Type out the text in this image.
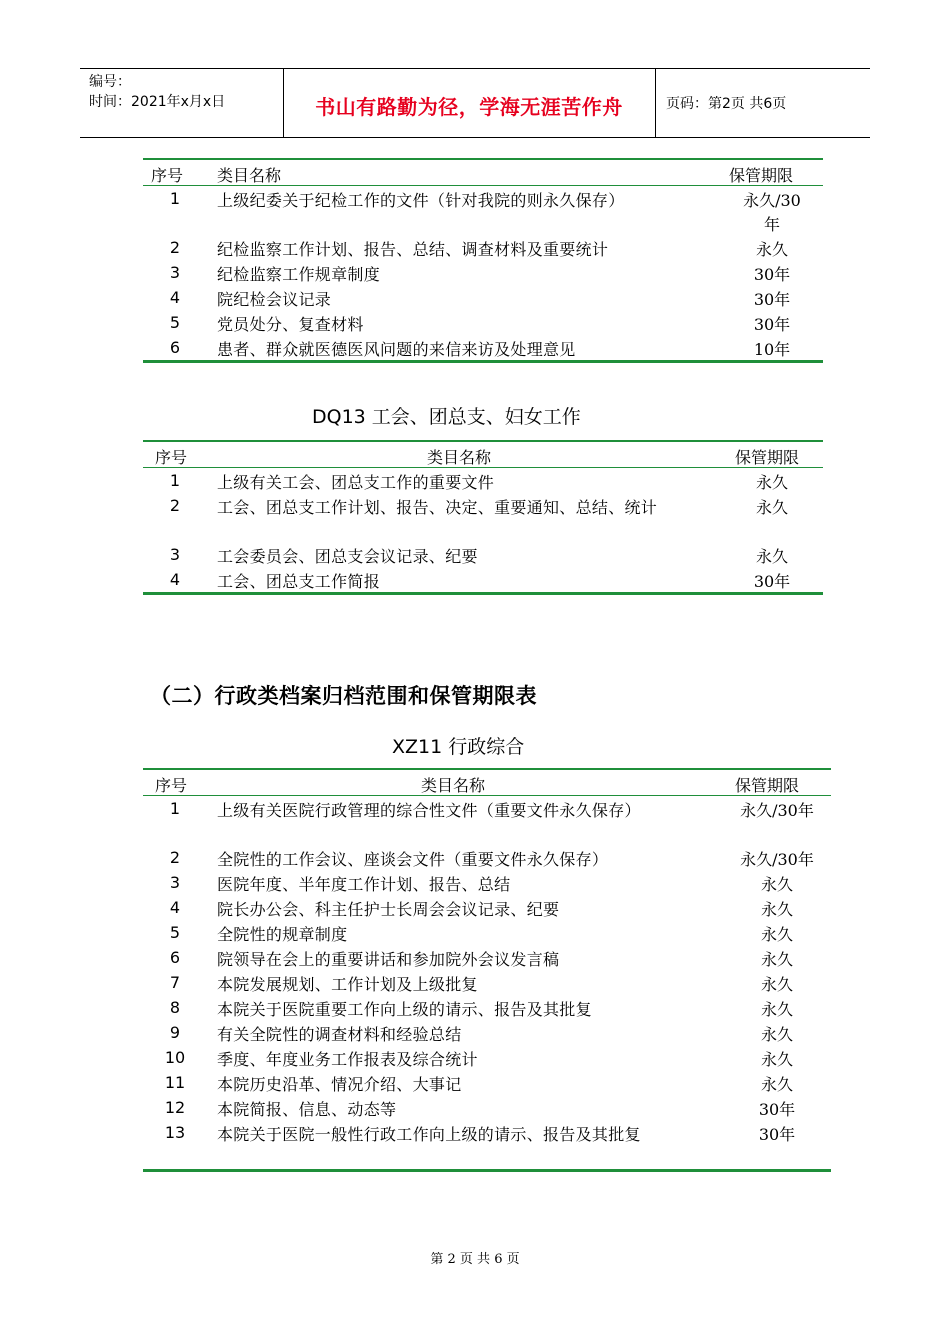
编号：
时间：2021年x月x日	书山有路勤为径，学海无涯苦作舟	页码：第2页 共6页
序号 类目名称	保管期限
1	上级纪委关于纪检工作的文件（针对我院的则永久保存）	永久/30年
2	纪检监察工作计划、报告、总结、调查材料及重要统计	永久
3	纪检监察工作规章制度	30年
4	院纪检会议记录	30年
5	党员处分、复查材料	30年
6	患者、群众就医德医风问题的来信来访及处理意见	10年
DQ13 工会、团总支、妇女工作
序号	类目名称	保管期限
1	上级有关工会、团总支工作的重要文件	永久
2	工会、团总支工作计划、报告、决定、重要通知、总结、统计	永久
3	工会委员会、团总支会议记录、纪要	永久
4	工会、团总支工作简报	30年
（二）行政类档案归档范围和保管期限表
XZ11 行政综合
序号	类目名称	保管期限
1	上级有关医院行政管理的综合性文件（重要文件永久保存）	永久/30年
2	全院性的工作会议、座谈会文件（重要文件永久保存）	永久/30年
3	医院年度、半年度工作计划、报告、总结	永久
4	院长办公会、科主任护士长周会会议记录、纪要	永久
5	全院性的规章制度	永久
6	院领导在会上的重要讲话和参加院外会议发言稿	永久
7	本院发展规划、工作计划及上级批复	永久
8	本院关于医院重要工作向上级的请示、报告及其批复	永久
9	有关全院性的调查材料和经验总结	永久
10	季度、年度业务工作报表及综合统计	永久
11	本院历史沿革、情况介绍、大事记	永久
12	本院简报、信息、动态等	30年
13	本院关于医院一般性行政工作向上级的请示、报告及其批复	30年
第 2 页 共 6 页
